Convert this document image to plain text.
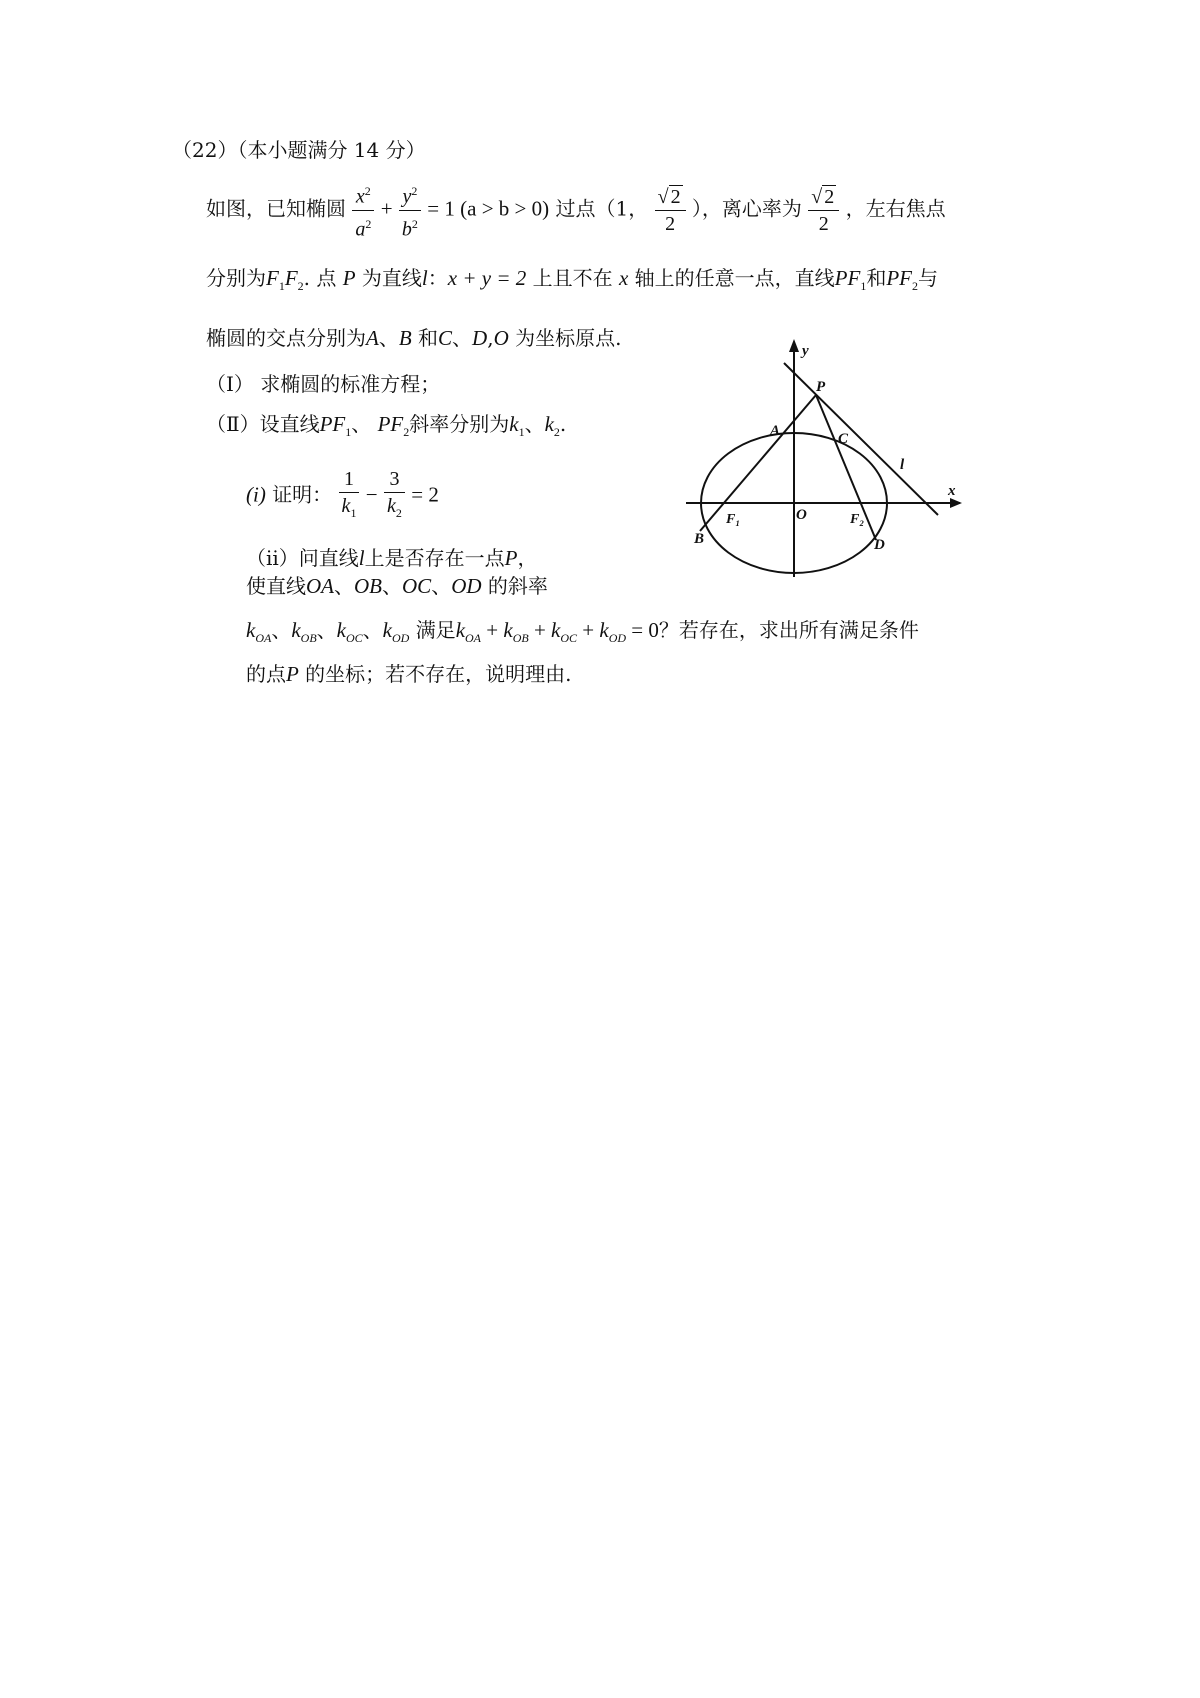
（22）（本小题满分 14 分）
如图，已知椭圆 $\frac{x^2}{a^2} + \frac{y^2}{b^2} = 1$ (a > b > 0) 过点（1， $\frac{√ 2}{2}$ ），离心率为 $\frac{√ 2}{2}$ ，左右焦点
分别为$F_1F_2$. 点 P 为直线l：x + y = 2 上且不在 x 轴上的任意一点，直线$PF_1$和$PF_2$与
椭圆的交点分别为A、B 和C、D,O 为坐标原点.
（Ⅰ） 求椭圆的标准方程；
（Ⅱ）设直线$PF_1$、 $PF_2$斜率分别为$k_1$、$k_2$.
(i) 证明： $\frac{1}{k_1} - \frac{3}{k_2} = 2$
（ii）问直线l上是否存在一点P，
使直线OA、OB、OC、OD 的斜率
$k_{OA}$、$k_{OB}$、$k_{OC}$、$k_{OD}$ 满足$k_{OA} + k_{OB} + k_{OC} + k_{OD} = 0$？若存在，求出所有满足条件
的点P 的坐标；若不存在，说明理由.
y
x
P
A	C
l
F₁	O	F₂
B	D
